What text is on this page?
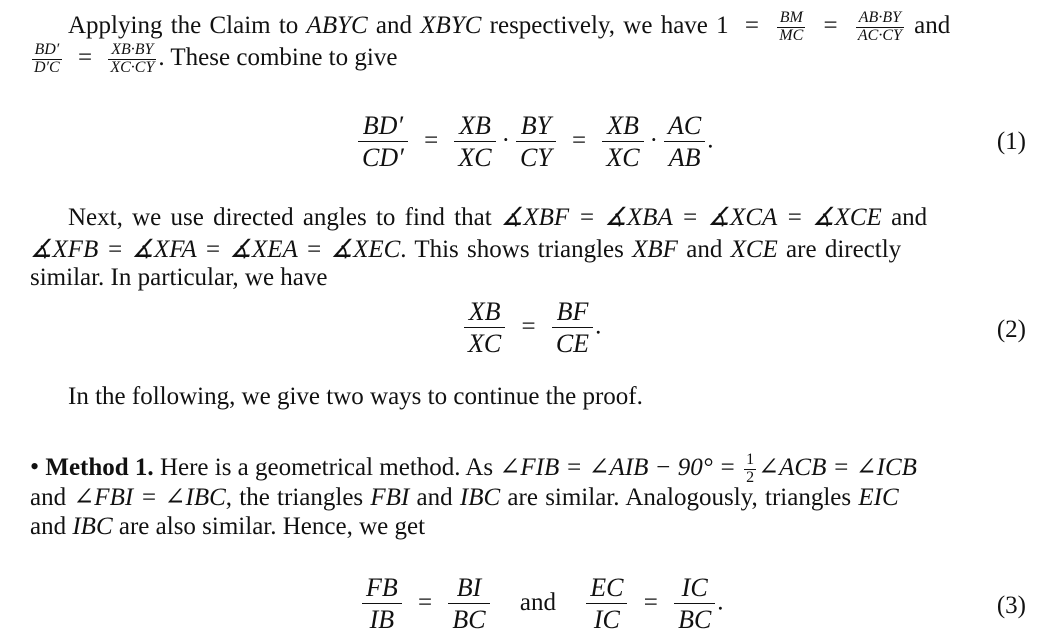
Applying the Claim to ABYC and XBYC respectively, we have $1 = \frac{BM}{MC} = \frac{AB\cdot BY}{AC\cdot CY}$ and
$\frac{BD'}{D'C} = \frac{XB\cdot BY}{XC\cdot CY}$ . These combine to give
$\frac{BD'}{CD'} = \frac{XB}{XC} \cdot \frac{BY}{CY} = \frac{XB}{XC} \cdot \frac{AC}{AB}$ .	(1)
Next, we use directed angles to find that ∡XBF = ∡XBA = ∡XCA = ∡XCE and
∡XFB = ∡XFA = ∡XEA = ∡XEC. This shows triangles XBF and XCE are directly
similar. In particular, we have
$\frac{XB}{XC} = \frac{BF}{CE}$ .	(2)
In the following, we give two ways to continue the proof.
• Method 1. Here is a geometrical method. As ∠FIB = ∠AIB − $90^\circ = \frac{1}{2}$ ∠ACB = ∠ICB
and ∠FBI = ∠IBC, the triangles FBI and IBC are similar. Analogously, triangles EIC
and IBC are also similar. Hence, we get
$\frac{FB}{IB} = \frac{BI}{BC}$ and $\frac{EC}{IC} = \frac{IC}{BC}$ .	(3)
